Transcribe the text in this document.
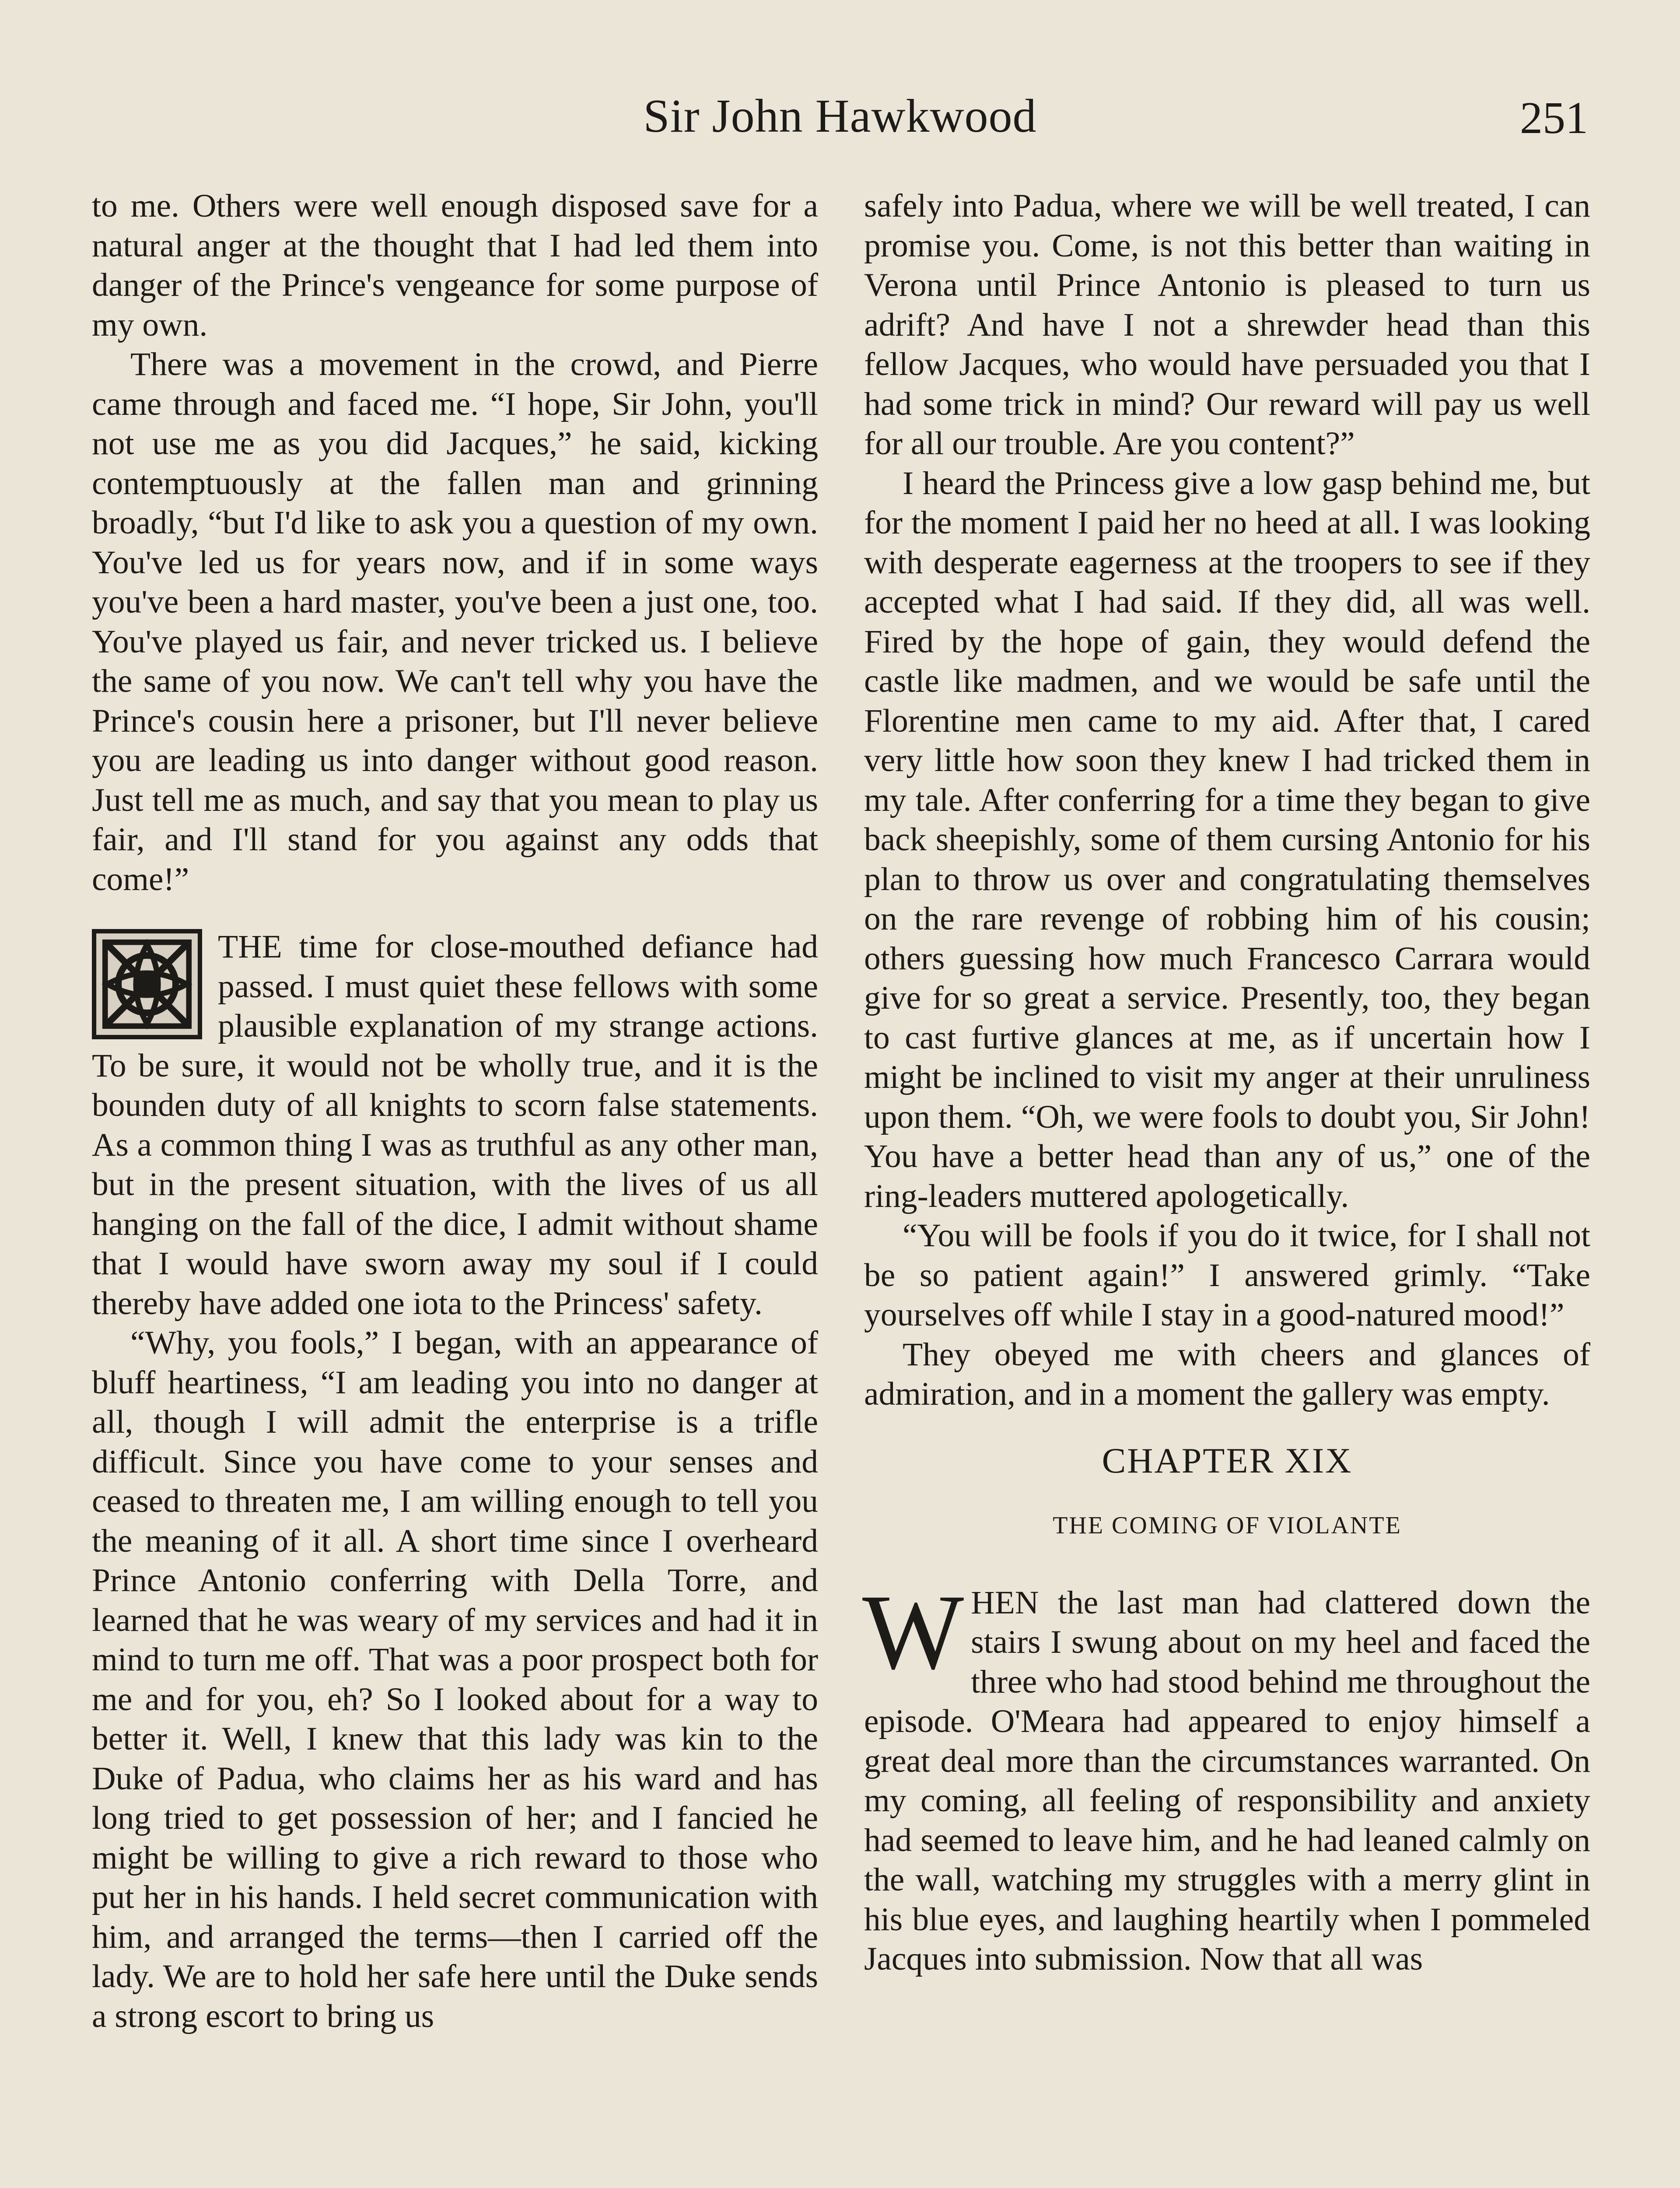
Sir John Hawkwood	251

to me. Others were well enough disposed save for a natural anger at the thought that I had led them into danger of the Prince's vengeance for some purpose of my own.

There was a movement in the crowd, and Pierre came through and faced me. “I hope, Sir John, you'll not use me as you did Jacques,” he said, kicking contemptuously at the fallen man and grinning broadly, “but I'd like to ask you a question of my own. You've led us for years now, and if in some ways you've been a hard master, you've been a just one, too. You've played us fair, and never tricked us. I believe the same of you now. We can't tell why you have the Prince's cousin here a prisoner, but I'll never believe you are leading us into danger without good reason. Just tell me as much, and say that you mean to play us fair, and I'll stand for you against any odds that come!”

THE time for close-mouthed defiance had passed. I must quiet these fellows with some plausible explanation of my strange actions. To be sure, it would not be wholly true, and it is the bounden duty of all knights to scorn false statements. As a common thing I was as truthful as any other man, but in the present situation, with the lives of us all hanging on the fall of the dice, I admit without shame that I would have sworn away my soul if I could thereby have added one iota to the Princess' safety.

“Why, you fools,” I began, with an appearance of bluff heartiness, “I am leading you into no danger at all, though I will admit the enterprise is a trifle difficult. Since you have come to your senses and ceased to threaten me, I am willing enough to tell you the meaning of it all. A short time since I overheard Prince Antonio conferring with Della Torre, and learned that he was weary of my services and had it in mind to turn me off. That was a poor prospect both for me and for you, eh? So I looked about for a way to better it. Well, I knew that this lady was kin to the Duke of Padua, who claims her as his ward and has long tried to get possession of her; and I fancied he might be willing to give a rich reward to those who put her in his hands. I held secret communication with him, and arranged the terms—then I carried off the lady. We are to hold her safe here until the Duke sends a strong escort to bring us

safely into Padua, where we will be well treated, I can promise you. Come, is not this better than waiting in Verona until Prince Antonio is pleased to turn us adrift? And have I not a shrewder head than this fellow Jacques, who would have persuaded you that I had some trick in mind? Our reward will pay us well for all our trouble. Are you content?”

I heard the Princess give a low gasp behind me, but for the moment I paid her no heed at all. I was looking with desperate eagerness at the troopers to see if they accepted what I had said. If they did, all was well. Fired by the hope of gain, they would defend the castle like madmen, and we would be safe until the Florentine men came to my aid. After that, I cared very little how soon they knew I had tricked them in my tale. After conferring for a time they began to give back sheepishly, some of them cursing Antonio for his plan to throw us over and congratulating themselves on the rare revenge of robbing him of his cousin; others guessing how much Francesco Carrara would give for so great a service. Presently, too, they began to cast furtive glances at me, as if uncertain how I might be inclined to visit my anger at their unruliness upon them. “Oh, we were fools to doubt you, Sir John! You have a better head than any of us,” one of the ring-leaders muttered apologetically.

“You will be fools if you do it twice, for I shall not be so patient again!” I answered grimly. “Take yourselves off while I stay in a good-natured mood!”

They obeyed me with cheers and glances of admiration, and in a moment the gallery was empty.

CHAPTER XIX
THE COMING OF VIOLANTE

W HEN the last man had clattered down the stairs I swung about on my heel and faced the three who had stood behind me throughout the episode. O'Meara had appeared to enjoy himself a great deal more than the circumstances warranted. On my coming, all feeling of responsibility and anxiety had seemed to leave him, and he had leaned calmly on the wall, watching my struggles with a merry glint in his blue eyes, and laughing heartily when I pommeled Jacques into submission. Now that all was
